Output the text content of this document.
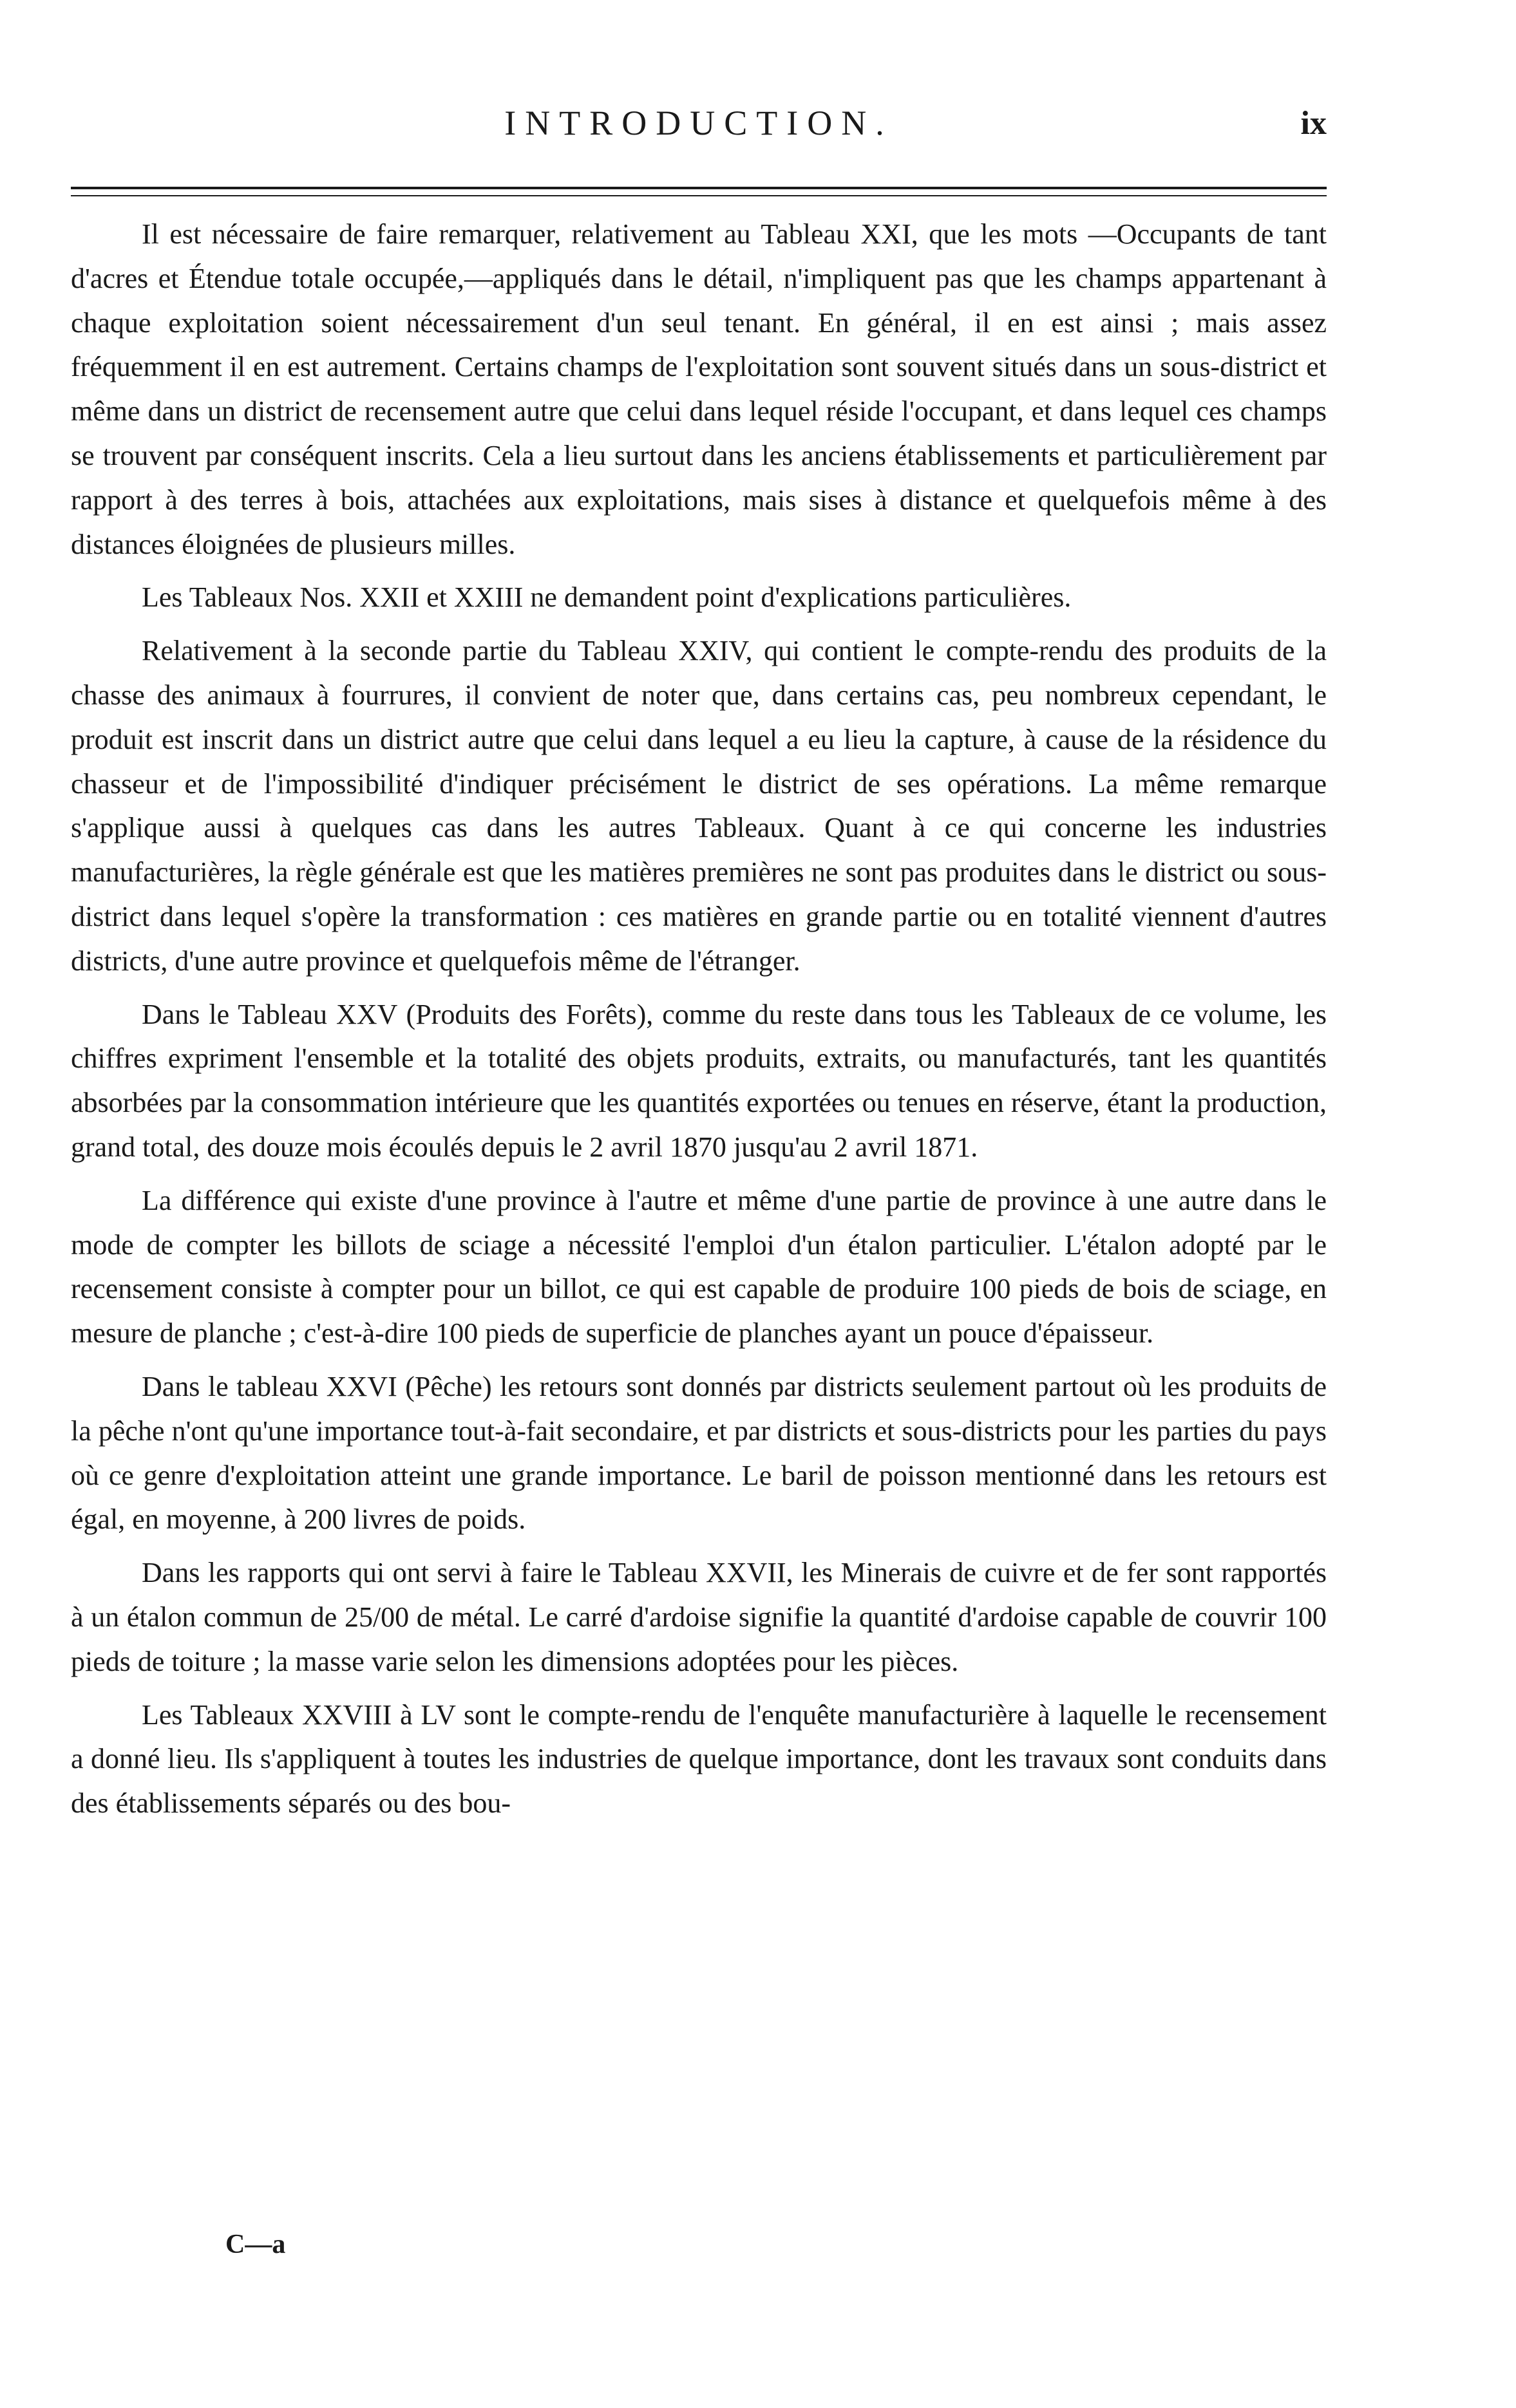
INTRODUCTION.	ix

Il est nécessaire de faire remarquer, relativement au Tableau XXI, que les mots —Occupants de tant d'acres et Étendue totale occupée,—appliqués dans le détail, n'impliquent pas que les champs appartenant à chaque exploitation soient nécessairement d'un seul tenant. En général, il en est ainsi ; mais assez fréquemment il en est autrement. Certains champs de l'exploitation sont souvent situés dans un sous-district et même dans un district de recensement autre que celui dans lequel réside l'occupant, et dans lequel ces champs se trouvent par conséquent inscrits. Cela a lieu surtout dans les anciens établissements et particulièrement par rapport à des terres à bois, attachées aux exploitations, mais sises à distance et quelquefois même à des distances éloignées de plusieurs milles.

Les Tableaux Nos. XXII et XXIII ne demandent point d'explications particulières.

Relativement à la seconde partie du Tableau XXIV, qui contient le compte-rendu des produits de la chasse des animaux à fourrures, il convient de noter que, dans certains cas, peu nombreux cependant, le produit est inscrit dans un district autre que celui dans lequel a eu lieu la capture, à cause de la résidence du chasseur et de l'impossibilité d'indiquer précisément le district de ses opérations. La même remarque s'applique aussi à quelques cas dans les autres Tableaux. Quant à ce qui concerne les industries manufacturières, la règle générale est que les matières premières ne sont pas produites dans le district ou sous-district dans lequel s'opère la transformation : ces matières en grande partie ou en totalité viennent d'autres districts, d'une autre province et quelquefois même de l'étranger.

Dans le Tableau XXV (Produits des Forêts), comme du reste dans tous les Tableaux de ce volume, les chiffres expriment l'ensemble et la totalité des objets produits, extraits, ou manufacturés, tant les quantités absorbées par la consommation intérieure que les quantités exportées ou tenues en réserve, étant la production, grand total, des douze mois écoulés depuis le 2 avril 1870 jusqu'au 2 avril 1871.

La différence qui existe d'une province à l'autre et même d'une partie de province à une autre dans le mode de compter les billots de sciage a nécessité l'emploi d'un étalon particulier. L'étalon adopté par le recensement consiste à compter pour un billot, ce qui est capable de produire 100 pieds de bois de sciage, en mesure de planche ; c'est-à-dire 100 pieds de superficie de planches ayant un pouce d'épaisseur.

Dans le tableau XXVI (Pêche) les retours sont donnés par districts seulement partout où les produits de la pêche n'ont qu'une importance tout-à-fait secondaire, et par districts et sous-districts pour les parties du pays où ce genre d'exploitation atteint une grande importance. Le baril de poisson mentionné dans les retours est égal, en moyenne, à 200 livres de poids.

Dans les rapports qui ont servi à faire le Tableau XXVII, les Minerais de cuivre et de fer sont rapportés à un étalon commun de 25/00 de métal. Le carré d'ardoise signifie la quantité d'ardoise capable de couvrir 100 pieds de toiture ; la masse varie selon les dimensions adoptées pour les pièces.

Les Tableaux XXVIII à LV sont le compte-rendu de l'enquête manufacturière à laquelle le recensement a donné lieu. Ils s'appliquent à toutes les industries de quelque importance, dont les travaux sont conduits dans des établissements séparés ou des bou-

C—a
